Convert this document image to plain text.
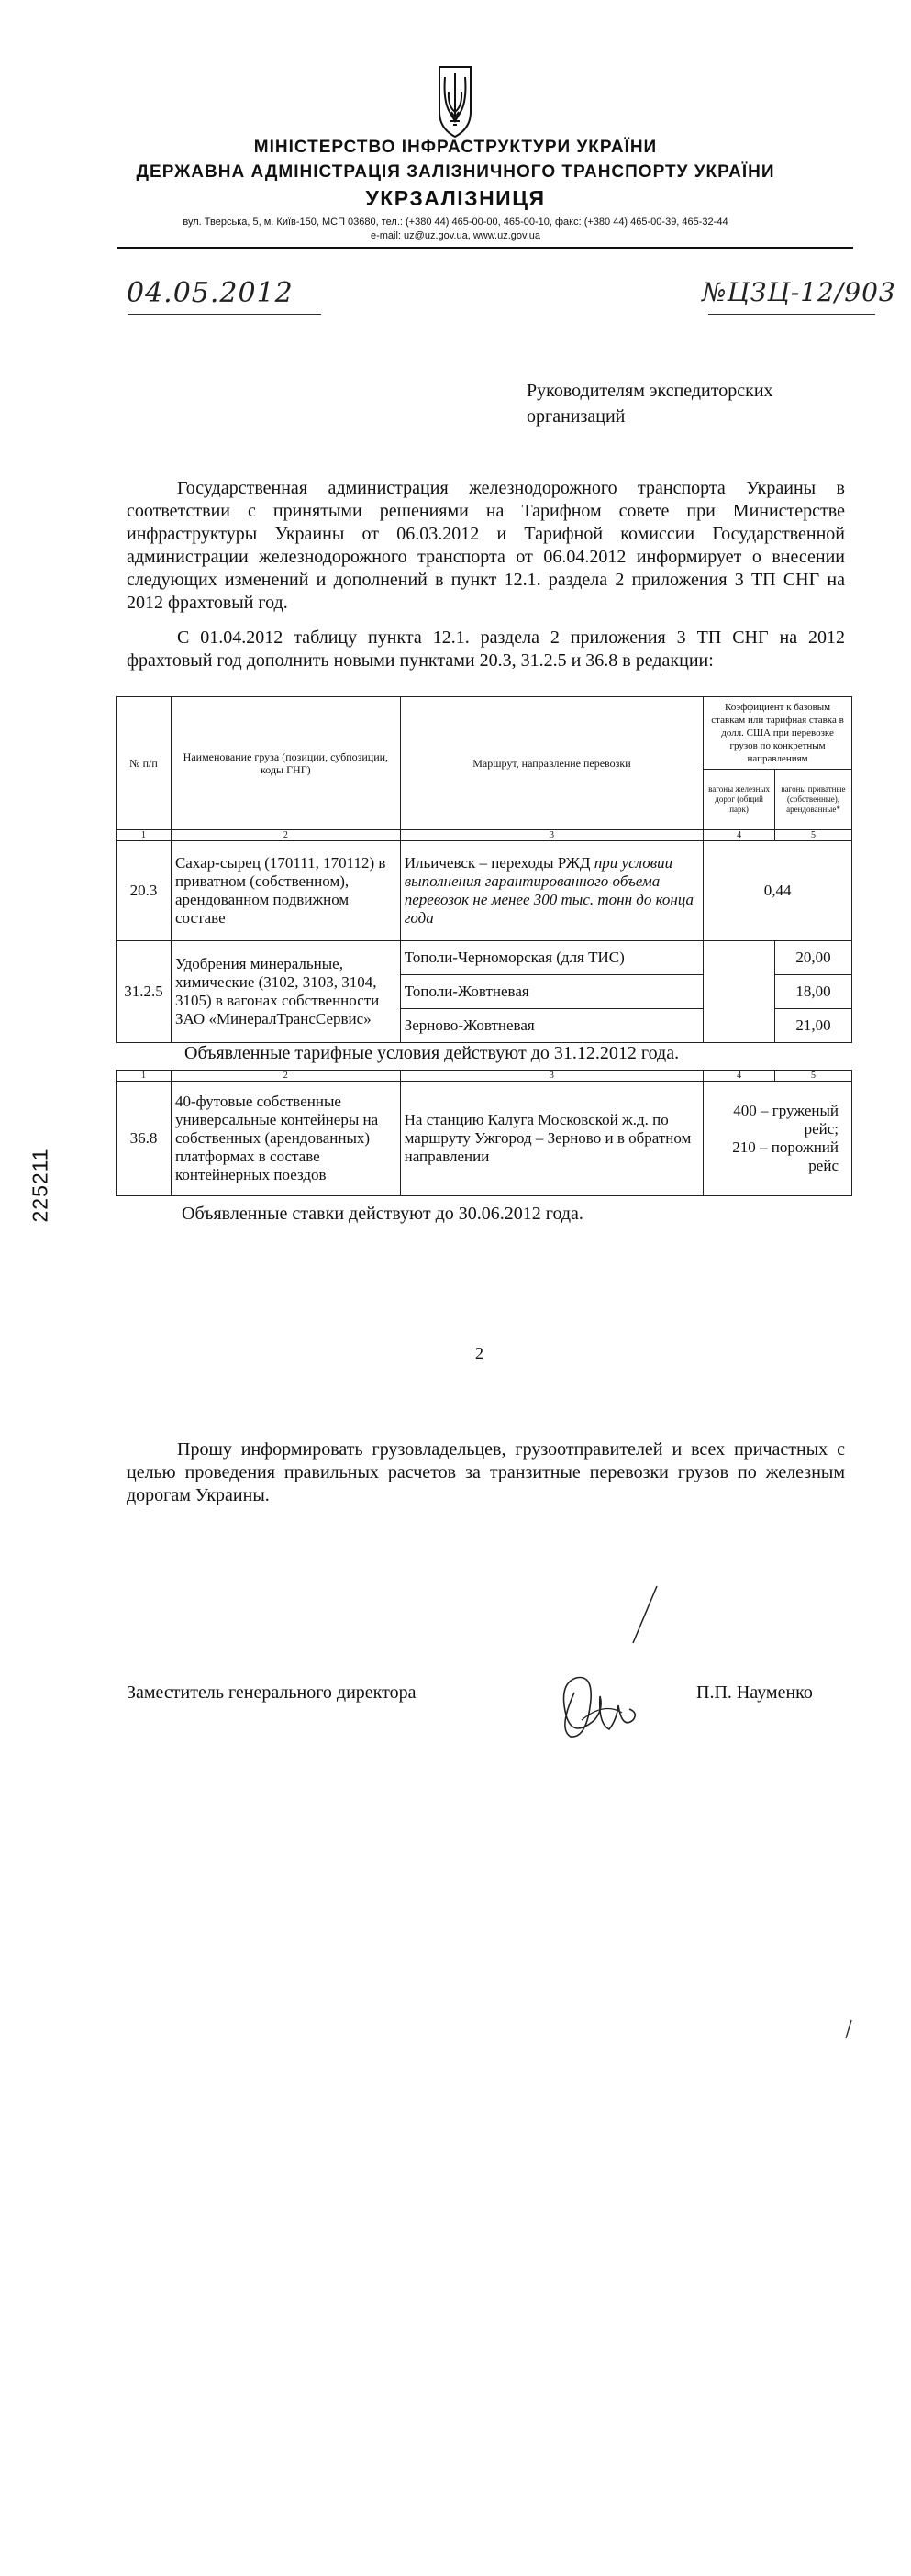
МІНІСТЕРСТВО ІНФРАСТРУКТУРИ УКРАЇНИ
ДЕРЖАВНА АДМІНІСТРАЦІЯ ЗАЛІЗНИЧНОГО ТРАНСПОРТУ УКРАЇНИ
УКРЗАЛІЗНИЦЯ
вул. Тверська, 5, м. Київ-150, МСП 03680, тел.: (+380 44) 465-00-00, 465-00-10, факс: (+380 44) 465-00-39, 465-32-44
e-mail: uz@uz.gov.ua, www.uz.gov.ua
04.05.2012	№ЦЗЦ-12/903
Руководителям экспедиторских
организаций
Государственная администрация железнодорожного транспорта Украины в соответствии с принятыми решениями на Тарифном совете при Министерстве инфраструктуры Украины от 06.03.2012 и Тарифной комиссии Государственной администрации железнодорожного транспорта от 06.04.2012 информирует о внесении следующих изменений и дополнений в пункт 12.1. раздела 2 приложения 3 ТП СНГ на 2012 фрахтовый год.
С 01.04.2012 таблицу пункта 12.1. раздела 2 приложения 3 ТП СНГ на 2012 фрахтовый год дополнить новыми пунктами 20.3, 31.2.5 и 36.8 в редакции:
№ п/п	Наименование груза (позиции, субпозиции, коды ГНГ)	Маршрут, направление перевозки	Коэффициент к базовым ставкам или тарифная ставка в долл. США при перевозке грузов по конкретным направлениям	
			вагоны железных дорог (общий парк)	вагоны приватные (собственные), арендованные*
1	2	3	4	5
20.3	Сахар-сырец (170111, 170112) в приватном (собственном), арендованном подвижном составе	Ильичевск – переходы РЖД при условии выполнения гарантированного объема перевозок не менее 300 тыс. тонн до конца года	0,44	
31.2.5	Удобрения минеральные, химические (3102, 3103, 3104, 3105) в вагонах собственности ЗАО «МинералТрансСервис»	Тополи-Черноморская (для ТИС)		20,00
		Тополи-Жовтневая		18,00
		Зерново-Жовтневая		21,00
Объявленные тарифные условия действуют до 31.12.2012 года.
1	2	3	4	5
36.8	40-футовые собственные универсальные контейнеры на собственных (арендованных) платформах в составе контейнерных поездов	На станцию Калуга Московской ж.д. по маршруту Ужгород – Зерново и в обратном направлении	400 – груженый рейс;
210 – порожний рейс	
Объявленные ставки действуют до 30.06.2012 года.
225211
2
Прошу информировать грузовладельцев, грузоотправителей и всех причастных с целью проведения правильных расчетов за транзитные перевозки грузов по железным дорогам Украины.
Заместитель генерального директора	П.П. Науменко
